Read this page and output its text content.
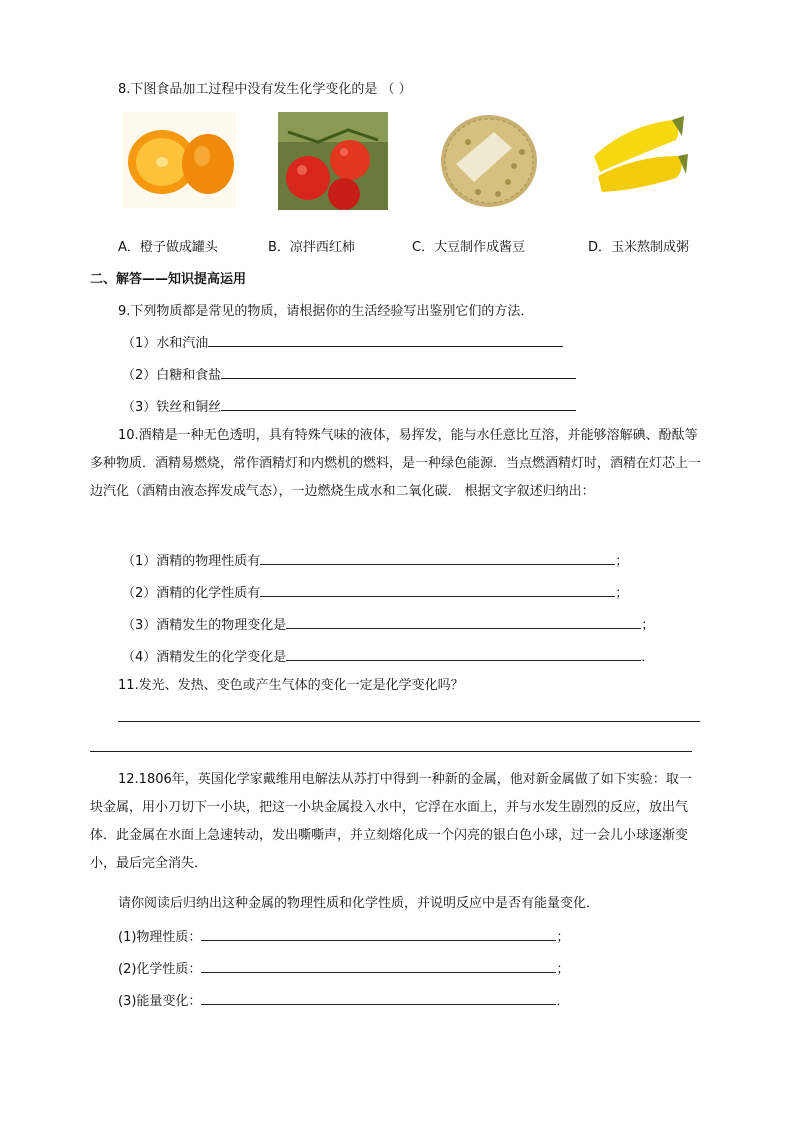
8.下图食品加工过程中没有发生化学变化的是 （ ）
A．橙子做成罐头	B．凉拌西红柿	C．大豆制作成酱豆	D．玉米熬制成粥
二、解答——知识提高运用
9.下列物质都是常见的物质，请根据你的生活经验写出鉴别它们的方法．
（1）水和汽油
（2）白糖和食盐
（3）铁丝和铜丝
10.酒精是一种无色透明，具有特殊气味的液体，易挥发，能与水任意比互溶，并能够溶解碘、酚酞等多种物质．酒精易燃烧，常作酒精灯和内燃机的燃料，是一种绿色能源．当点燃酒精灯时，酒精在灯芯上一边汽化（酒精由液态挥发成气态），一边燃烧生成水和二氧化碳． 根据文字叙述归纳出：
（1）酒精的物理性质有	；
（2）酒精的化学性质有	；
（3）酒精发生的物理变化是	；
（4）酒精发生的化学变化是	．
11.发光、发热、变色或产生气体的变化一定是化学变化吗？
12.1806年，英国化学家戴维用电解法从苏打中得到一种新的金属，他对新金属做了如下实验：取一块金属，用小刀切下一小块，把这一小块金属投入水中，它浮在水面上，并与水发生剧烈的反应，放出气体．此金属在水面上急速转动，发出嘶嘶声，并立刻熔化成一个闪亮的银白色小球，过一会儿小球逐渐变小，最后完全消失．
请你阅读后归纳出这种金属的物理性质和化学性质，并说明反应中是否有能量变化．
(1)物理性质：	；
(2)化学性质：	；
(3)能量变化：	．
